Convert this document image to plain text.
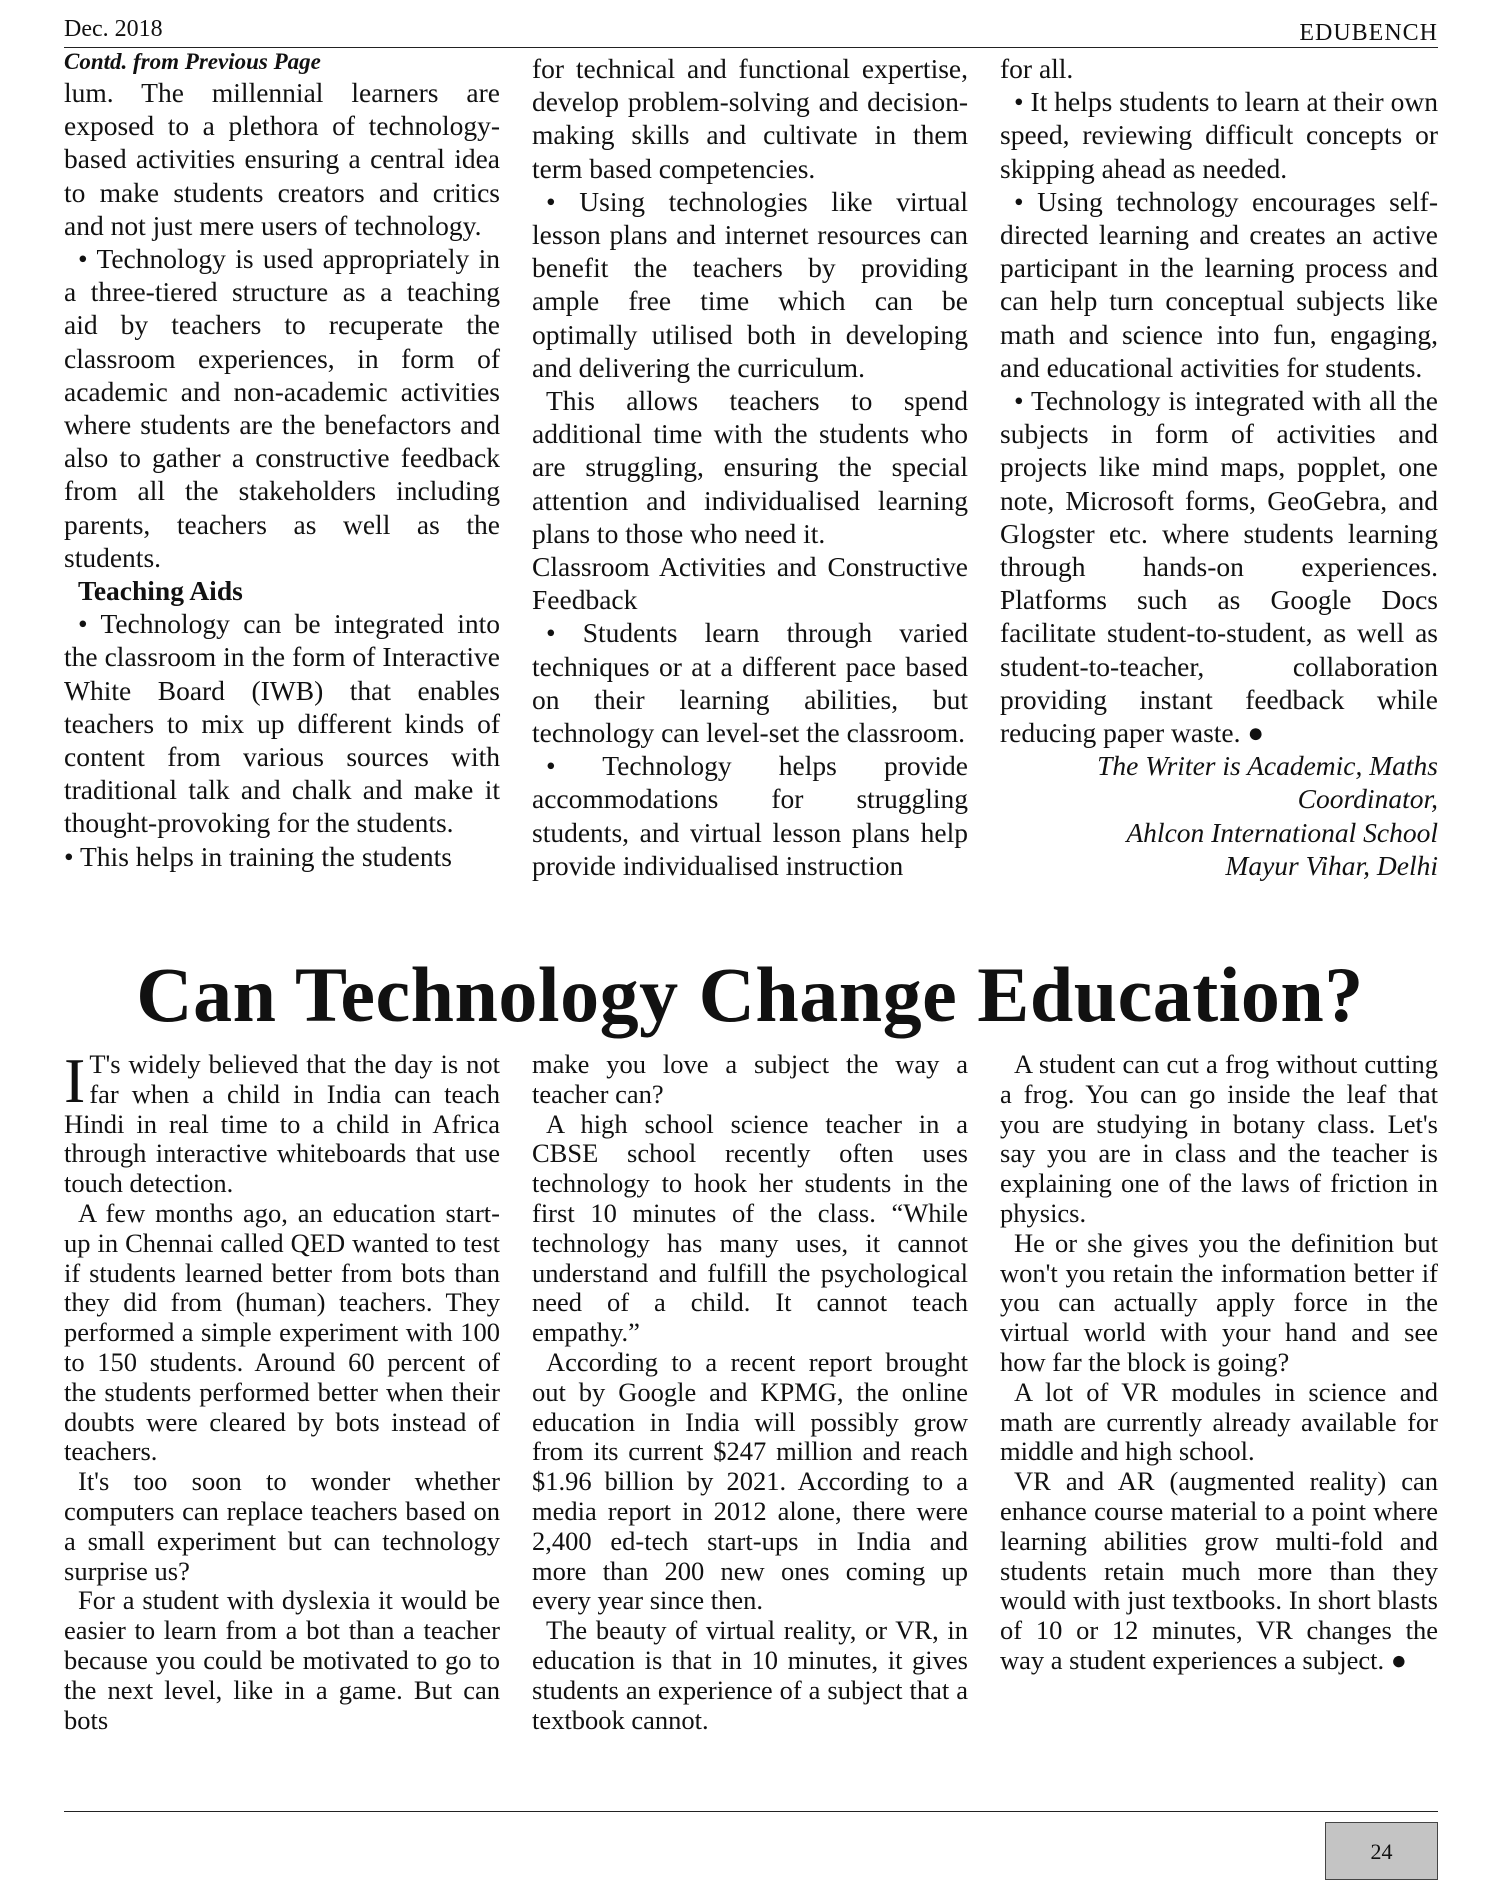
Dec. 2018	EDUBENCH

Contd. from Previous Page

lum. The millennial learners are exposed to a plethora of technology-based activities ensuring a central idea to make students creators and critics and not just mere users of technology.

• Technology is used appropriately in a three-tiered structure as a teaching aid by teachers to recuperate the classroom experiences, in form of academic and non-academic activities where students are the benefactors and also to gather a constructive feedback from all the stakeholders including parents, teachers as well as the students.

Teaching Aids

• Technology can be integrated into the classroom in the form of Interactive White Board (IWB) that enables teachers to mix up different kinds of content from various sources with traditional talk and chalk and make it thought-provoking for the students.

• This helps in training the students

for technical and functional expertise, develop problem-solving and decision-making skills and cultivate in them term based competencies.

• Using technologies like virtual lesson plans and internet resources can benefit the teachers by providing ample free time which can be optimally utilised both in developing and delivering the curriculum.

This allows teachers to spend additional time with the students who are struggling, ensuring the special attention and individualised learning plans to those who need it.

Classroom Activities and Constructive Feedback

• Students learn through varied techniques or at a different pace based on their learning abilities, but technology can level-set the classroom.

• Technology helps provide accommodations for struggling students, and virtual lesson plans help provide individualised instruction

for all.

• It helps students to learn at their own speed, reviewing difficult concepts or skipping ahead as needed.

• Using technology encourages self-directed learning and creates an active participant in the learning process and can help turn conceptual subjects like math and science into fun, engaging, and educational activities for students.

• Technology is integrated with all the subjects in form of activities and projects like mind maps, popplet, one note, Microsoft forms, GeoGebra, and Glogster etc. where students learning through hands-on experiences. Platforms such as Google Docs facilitate student-to-student, as well as student-to-teacher, collaboration providing instant feedback while reducing paper waste. ●

The Writer is Academic, Maths Coordinator,

Ahlcon International School

Mayur Vihar, Delhi

Can Technology Change Education?

I T's widely believed that the day is not far when a child in India can teach Hindi in real time to a child in Africa through interactive whiteboards that use touch detection.

A few months ago, an education start-up in Chennai called QED wanted to test if students learned better from bots than they did from (human) teachers. They performed a simple experiment with 100 to 150 students. Around 60 percent of the students performed better when their doubts were cleared by bots instead of teachers.

It's too soon to wonder whether computers can replace teachers based on a small experiment but can technology surprise us?

For a student with dyslexia it would be easier to learn from a bot than a teacher because you could be motivated to go to the next level, like in a game. But can bots

make you love a subject the way a teacher can?

A high school science teacher in a CBSE school recently often uses technology to hook her students in the first 10 minutes of the class. “While technology has many uses, it cannot understand and fulfill the psychological need of a child. It cannot teach empathy.”

According to a recent report brought out by Google and KPMG, the online education in India will possibly grow from its current $247 million and reach $1.96 billion by 2021. According to a media report in 2012 alone, there were 2,400 ed-tech start-ups in India and more than 200 new ones coming up every year since then.

The beauty of virtual reality, or VR, in education is that in 10 minutes, it gives students an experience of a subject that a textbook cannot.

A student can cut a frog without cutting a frog. You can go inside the leaf that you are studying in botany class. Let's say you are in class and the teacher is explaining one of the laws of friction in physics.

He or she gives you the definition but won't you retain the information better if you can actually apply force in the virtual world with your hand and see how far the block is going?

A lot of VR modules in science and math are currently already available for middle and high school.

VR and AR (augmented reality) can enhance course material to a point where learning abilities grow multi-fold and students retain much more than they would with just textbooks. In short blasts of 10 or 12 minutes, VR changes the way a student experiences a subject. ●

24
